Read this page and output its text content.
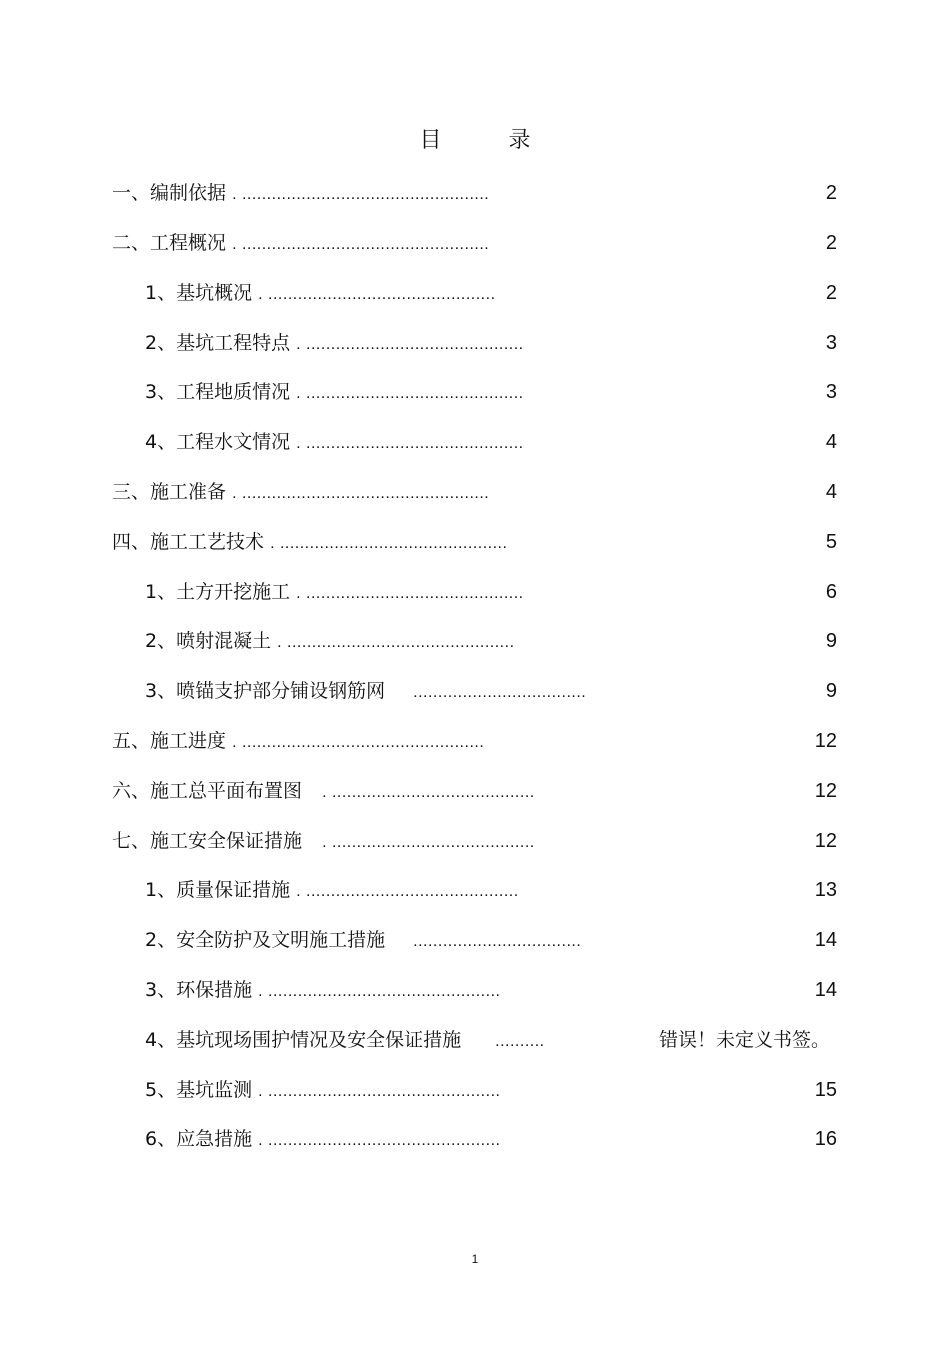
目 录
一、编制依据 . ..................................................	2
二、工程概况 . ..................................................	2
1、基坑概况 . ..............................................	2
2、基坑工程特点 . ............................................	3
3、工程地质情况 . ............................................	3
4、工程水文情况 . ............................................	4
三、施工准备 . ..................................................	4
四、施工工艺技术 . ..............................................	5
1、土方开挖施工 . ............................................	6
2、喷射混凝土 . ..............................................	9
3、喷锚支护部分铺设钢筋网 ...................................	9
五、施工进度 . .................................................	12
六、施工总平面布置图 . .........................................	12
七、施工安全保证措施 . .........................................	12
1、质量保证措施 . ...........................................	13
2、安全防护及文明施工措施 ..................................	14
3、环保措施 . ...............................................	14
4、基坑现场围护情况及安全保证措施 ..........	错误！未定义书签。
5、基坑监测 . ...............................................	15
6、应急措施 . ...............................................	16
1
